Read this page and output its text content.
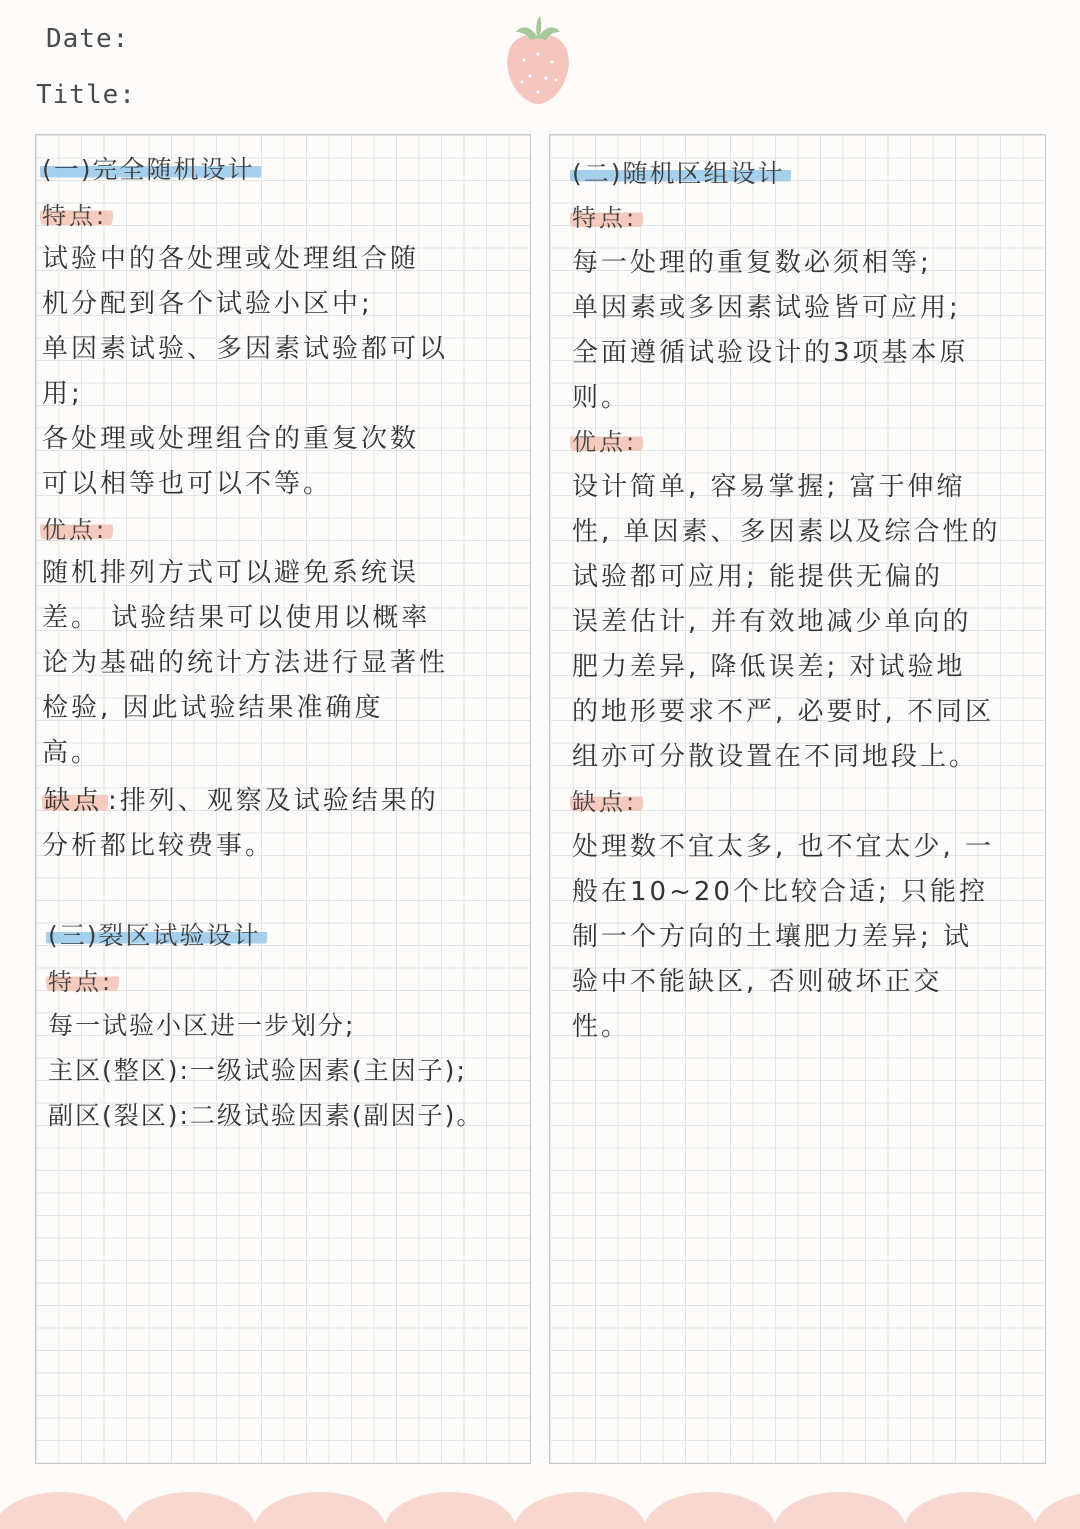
Date:
Title:
(一)完全随机设计
特点:

试验中的各处理或处理组合随

机分配到各个试验小区中;

单因素试验、多因素试验都可以

用;

各处理或处理组合的重复次数

可以相等也可以不等。

优点:

随机排列方式可以避免系统误

差。 试验结果可以使用以概率

论为基础的统计方法进行显著性

检验, 因此试验结果准确度

高。

缺点 :排列、观察及试验结果的

分析都比较费事。

(三)裂区试验设计
特点:

每一试验小区进一步划分;

主区(整区):一级试验因素(主因子);

副区(裂区):二级试验因素(副因子)。

(二)随机区组设计
特点:

每一处理的重复数必须相等;

单因素或多因素试验皆可应用;

全面遵循试验设计的3项基本原

则。

优点:

设计简单, 容易掌握; 富于伸缩

性, 单因素、多因素以及综合性的

试验都可应用; 能提供无偏的

误差估计, 并有效地减少单向的

肥力差异, 降低误差; 对试验地

的地形要求不严, 必要时, 不同区

组亦可分散设置在不同地段上。

缺点:

处理数不宜太多, 也不宜太少, 一

般在10~20个比较合适; 只能控

制一个方向的土壤肥力差异; 试

验中不能缺区, 否则破坏正交

性。
